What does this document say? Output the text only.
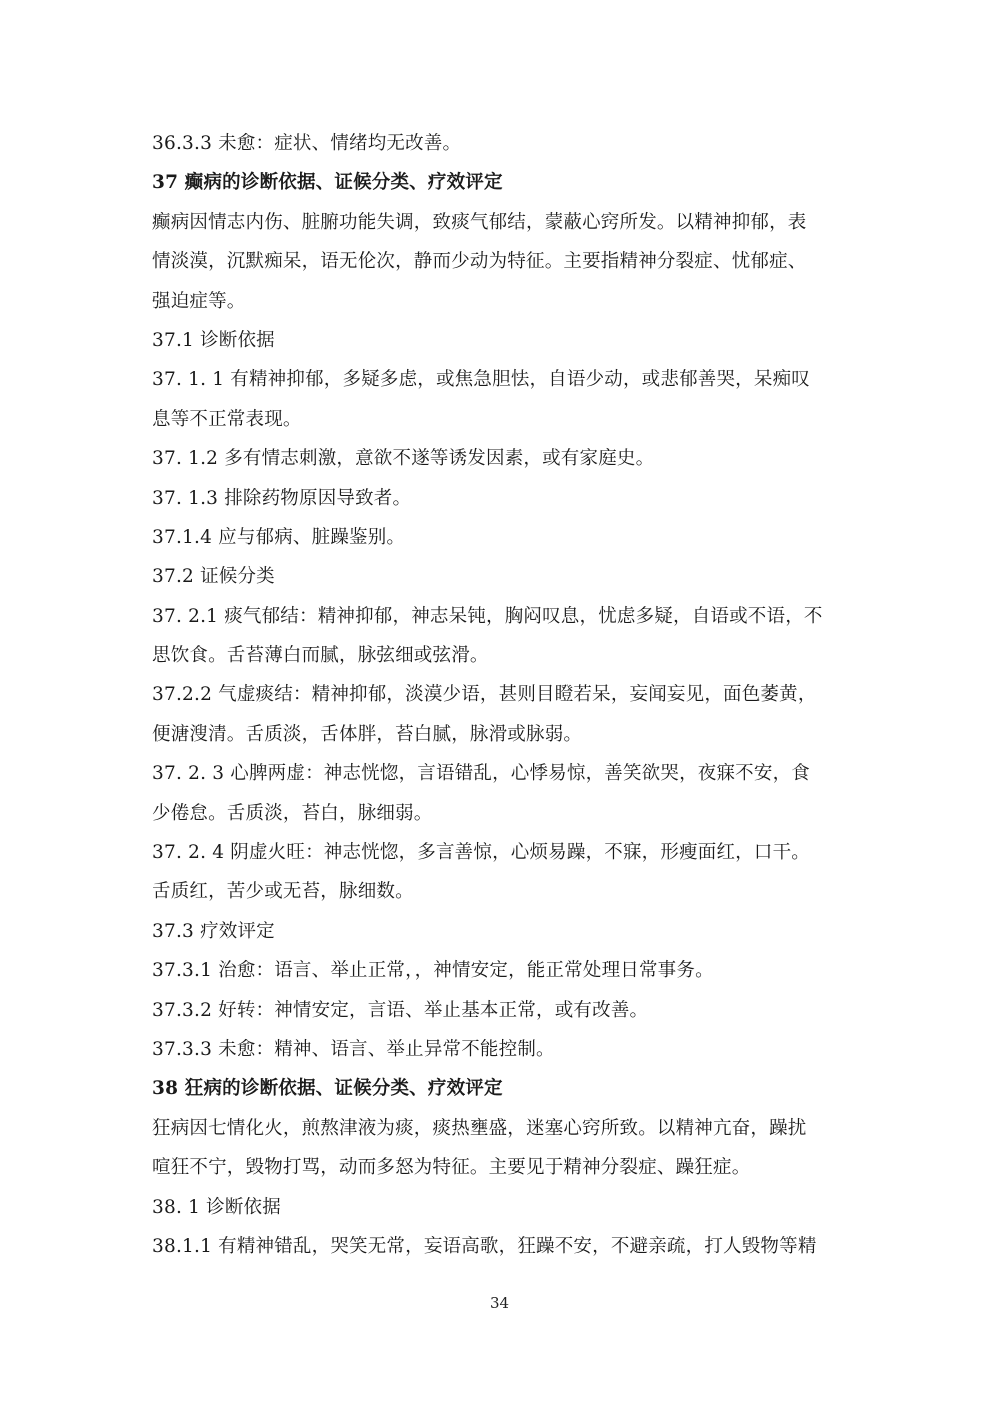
36.3.3 未愈：症状、情绪均无改善。
37 癫病的诊断依据、证候分类、疗效评定
癫病因情志内伤、脏腑功能失调，致痰气郁结，蒙蔽心窍所发。以精神抑郁，表
情淡漠，沉默痴呆，语无伦次，静而少动为特征。主要指精神分裂症、忧郁症、
强迫症等。
37.1 诊断依据
37. 1. 1 有精神抑郁，多疑多虑，或焦急胆怯，自语少动，或悲郁善哭，呆痴叹
息等不正常表现。
37. 1.2 多有情志刺激，意欲不遂等诱发因素，或有家庭史。
37. 1.3 排除药物原因导致者。
37.1.4 应与郁病、脏躁鉴别。
37.2 证候分类
37. 2.1 痰气郁结：精神抑郁，神志呆钝，胸闷叹息，忧虑多疑，自语或不语，不
思饮食。舌苔薄白而腻，脉弦细或弦滑。
37.2.2 气虚痰结：精神抑郁，淡漠少语，甚则目瞪若呆，妄闻妄见，面色萎黄，
便溏溲清。舌质淡，舌体胖，苔白腻，脉滑或脉弱。
37. 2. 3 心脾两虚：神志恍惚，言语错乱，心悸易惊，善笑欲哭，夜寐不安，食
少倦怠。舌质淡，苔白，脉细弱。
37. 2. 4 阴虚火旺：神志恍惚，多言善惊，心烦易躁，不寐，形瘦面红，口干。
舌质红，苦少或无苔，脉细数。
37.3 疗效评定
37.3.1 治愈：语言、举止正常，，神情安定，能正常处理日常事务。
37.3.2 好转：神情安定，言语、举止基本正常，或有改善。
37.3.3 未愈：精神、语言、举止异常不能控制。
38 狂病的诊断依据、证候分类、疗效评定
狂病因七情化火，煎熬津液为痰，痰热壅盛，迷塞心窍所致。以精神亢奋，躁扰
喧狂不宁，毁物打骂，动而多怒为特征。主要见于精神分裂症、躁狂症。
38. 1 诊断依据
38.1.1 有精神错乱，哭笑无常，妄语高歌，狂躁不安，不避亲疏，打人毁物等精
34
